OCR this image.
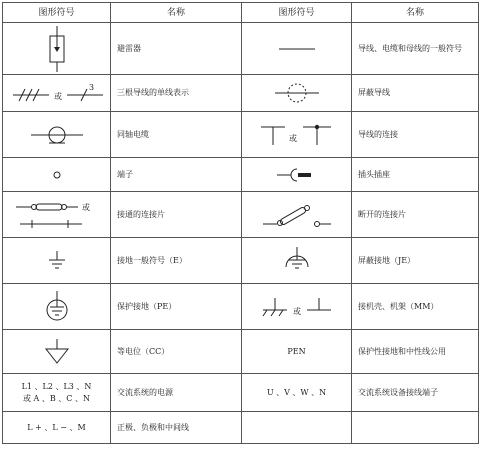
图形符号	名称	图形符号	名称

	避雷器		导线、电缆和母线的一般符号

或
3	三根导线的单线表示		屏蔽导线

	同轴电缆	或	导线的连接

	端子		插头插座

或	接通的连接片		断开的连接片

	接地一般符号（E）		屏蔽接地（JE）

	保护接地（PE）	或	接机壳、机架（MM）

	等电位（CC）	PEN	保护性接地和中性线公用

L1 、L2 、L3 、N
或 A 、B 、C 、N	交流系统的电源	U 、V 、W 、N	交流系统设备接线端子
L + 、L − 、M	正极、负极和中间线		
